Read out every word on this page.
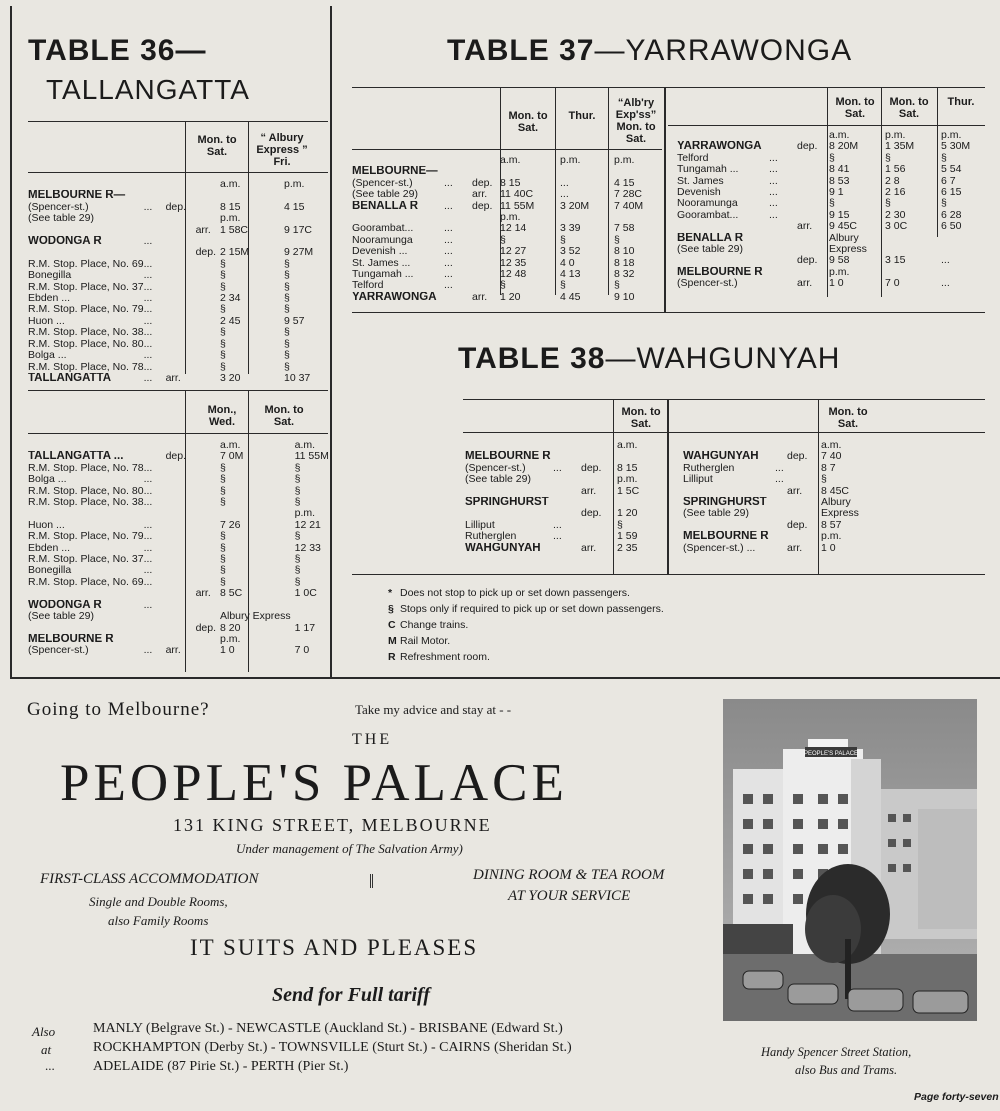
TABLE 36—
TALLANGATTA
Mon. to Sat.
“ Albury Express ” Fri.
				a.m.	p.m.
MELBOURNE R—					
(Spencer-st.)	...	dep.		8 15	4 15
(See table 29)				p.m.	
			arr.	1 58C	9 17C
WODONGA R	...				
			dep.	2 15M	9 27M
R.M. Stop. Place, No. 69	...			§	§
Bonegilla	...			§	§
R.M. Stop. Place, No. 37	...			§	§
Ebden ...	...			2 34	§
R.M. Stop. Place, No. 79	...			§	§
Huon ...	...			2 45	9 57
R.M. Stop. Place, No. 38	...			§	§
R.M. Stop. Place, No. 80	...			§	§
Bolga ...	...			§	§
R.M. Stop. Place, No. 78	...			§	§
TALLANGATTA	...	arr.		3 20	10 37
Mon., Wed.
Mon. to Sat.
				a.m.	a.m.
TALLANGATTA ...		dep.		7 0M	11 55M
R.M. Stop. Place, No. 78	...			§	§
Bolga ...	...			§	§
R.M. Stop. Place, No. 80	...			§	§
R.M. Stop. Place, No. 38	...			§	§
					p.m.
Huon ...	...			7 26	12 21
R.M. Stop. Place, No. 79	...			§	§
Ebden ...	...			§	12 33
R.M. Stop. Place, No. 37	...			§	§
Bonegilla	...			§	§
R.M. Stop. Place, No. 69	...			§	§
			arr.	8 5C	1 0C
WODONGA R	...				
(See table 29)				Albury Express	
			dep.	8 20	1 17
MELBOURNE R				p.m.	
(Spencer-st.)	...	arr.		1 0	7 0
TABLE 37—YARRAWONGA
Mon. to Sat.
Thur.
“Alb'ry Exp'ss” Mon. to Sat.
Mon. to Sat.
Mon. to Sat.
Thur.
			a.m.	p.m.	p.m.
MELBOURNE—					
(Spencer-st.)	...	dep.	8 15	...	4 15
(See table 29)		arr.	11 40C	...	7 28C
BENALLA R	...	dep.	11 55M	3 20M	7 40M
			p.m.		
Goorambat...	...		12 14	3 39	7 58
Nooramunga	...		§	§	§
Devenish ...	...		12 27	3 52	8 10
St. James ...	...		12 35	4 0	8 18
Tungamah ...	...		12 48	4 13	8 32
Telford	...		§	§	§
YARRAWONGA		arr.	1 20	4 45	9 10
			a.m.	p.m.	p.m.
YARRAWONGA		dep.	8 20M	1 35M	5 30M
Telford	...		§	§	§
Tungamah ...	...		8 41	1 56	5 54
St. James	...		8 53	2 8	6 7
Devenish	...		9 1	2 16	6 15
Nooramunga	...		§	§	§
Goorambat...	...		9 15	2 30	6 28
		arr.	9 45C	3 0C	6 50
BENALLA R			Albury		
(See table 29)			Express		
		dep.	9 58	3 15	...
MELBOURNE R			p.m.		
(Spencer-st.)		arr.	1 0	7 0	...
TABLE 38—WAHGUNYAH
Mon. to Sat.
Mon. to Sat.
			a.m.
MELBOURNE R			
(Spencer-st.)	...	dep.	8 15
(See table 29)			p.m.
		arr.	1 5C
SPRINGHURST			
		dep.	1 20
Lilliput	...		§
Rutherglen	...		1 59
WAHGUNYAH		arr.	2 35
			a.m.
WAHGUNYAH		dep.	7 40
Rutherglen	...		8 7
Lilliput	...		§
		arr.	8 45C

SPRINGHURST			Albury
(See table 29)			Express
		dep.	8 57
MELBOURNE R			p.m.
(Spencer-st.) ...		arr.	1 0
* Does not stop to pick up or set down passengers.
§ Stops only if required to pick up or set down passengers.
C Change trains.
M Rail Motor.
R Refreshment room.
Going to Melbourne?	Take my advice and stay at - -
THE
PEOPLE'S PALACE
131 KING STREET, MELBOURNE
Under management of The Salvation Army)
FIRST-CLASS ACCOMMODATION
Single and Double Rooms,
also Family Rooms
DINING ROOM & TEA ROOM
AT YOUR SERVICE
IT SUITS AND PLEASES
Send for Full tariff
Also
at
...
MANLY (Belgrave St.) - NEWCASTLE (Auckland St.) - BRISBANE (Edward St.)
ROCKHAMPTON (Derby St.) - TOWNSVILLE (Sturt St.) - CAIRNS (Sheridan St.)
ADELAIDE (87 Pirie St.) - PERTH (Pier St.)
PEOPLE'S PALACE
Handy Spencer Street Station,
also Bus and Trams.
Page forty-seven
